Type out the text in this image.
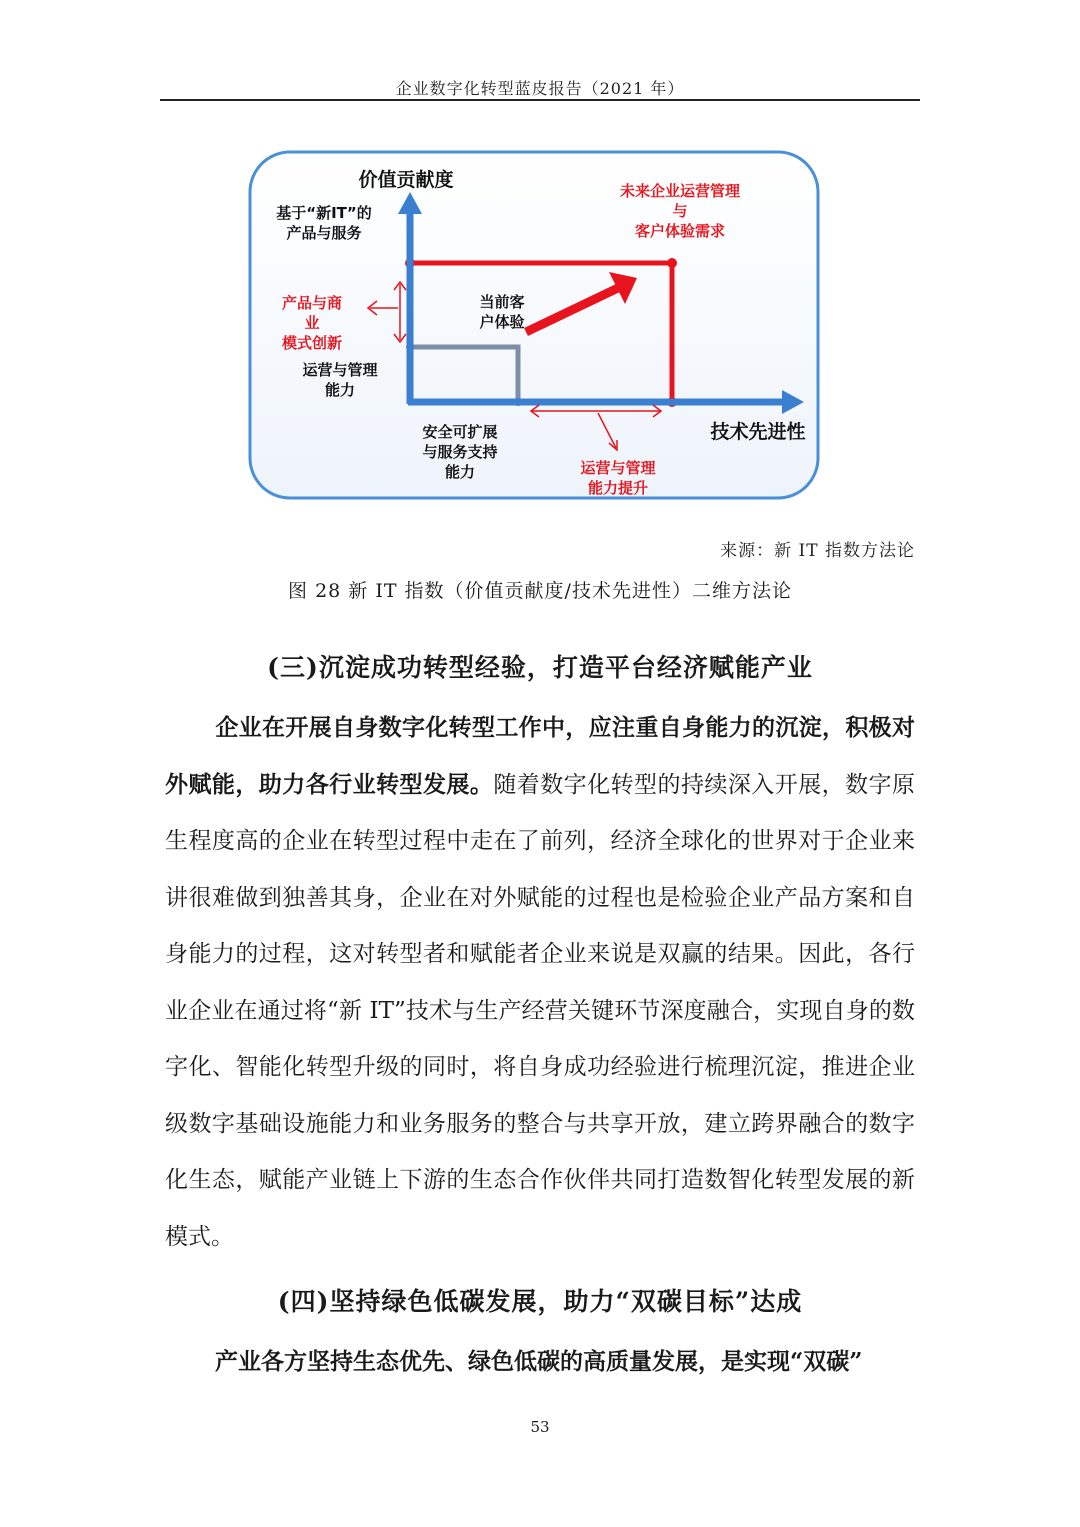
企业数字化转型蓝皮报告（2021 年）
价值贡献度
技术先进性
基于“新IT”的产品与服务
未来企业运营管理与客户体验需求
产品与商业模式创新
当前客户体验
运营与管理能力
安全可扩展与服务支持能力	运营与管理能力提升
来源：新 IT 指数方法论
图 28 新 IT 指数（价值贡献度/技术先进性）二维方法论
(三)沉淀成功转型经验，打造平台经济赋能产业
企业在开展自身数字化转型工作中，应注重自身能力的沉淀，积极对外赋能，助力各行业转型发展。随着数字化转型的持续深入开展，数字原生程度高的企业在转型过程中走在了前列，经济全球化的世界对于企业来讲很难做到独善其身，企业在对外赋能的过程也是检验企业产品方案和自身能力的过程，这对转型者和赋能者企业来说是双赢的结果。因此，各行业企业在通过将“新 IT”技术与生产经营关键环节深度融合，实现自身的数字化、智能化转型升级的同时，将自身成功经验进行梳理沉淀，推进企业级数字基础设施能力和业务服务的整合与共享开放，建立跨界融合的数字化生态，赋能产业链上下游的生态合作伙伴共同打造数智化转型发展的新模式。
(四)坚持绿色低碳发展，助力“双碳目标”达成
产业各方坚持生态优先、绿色低碳的高质量发展，是实现“双碳”
53
